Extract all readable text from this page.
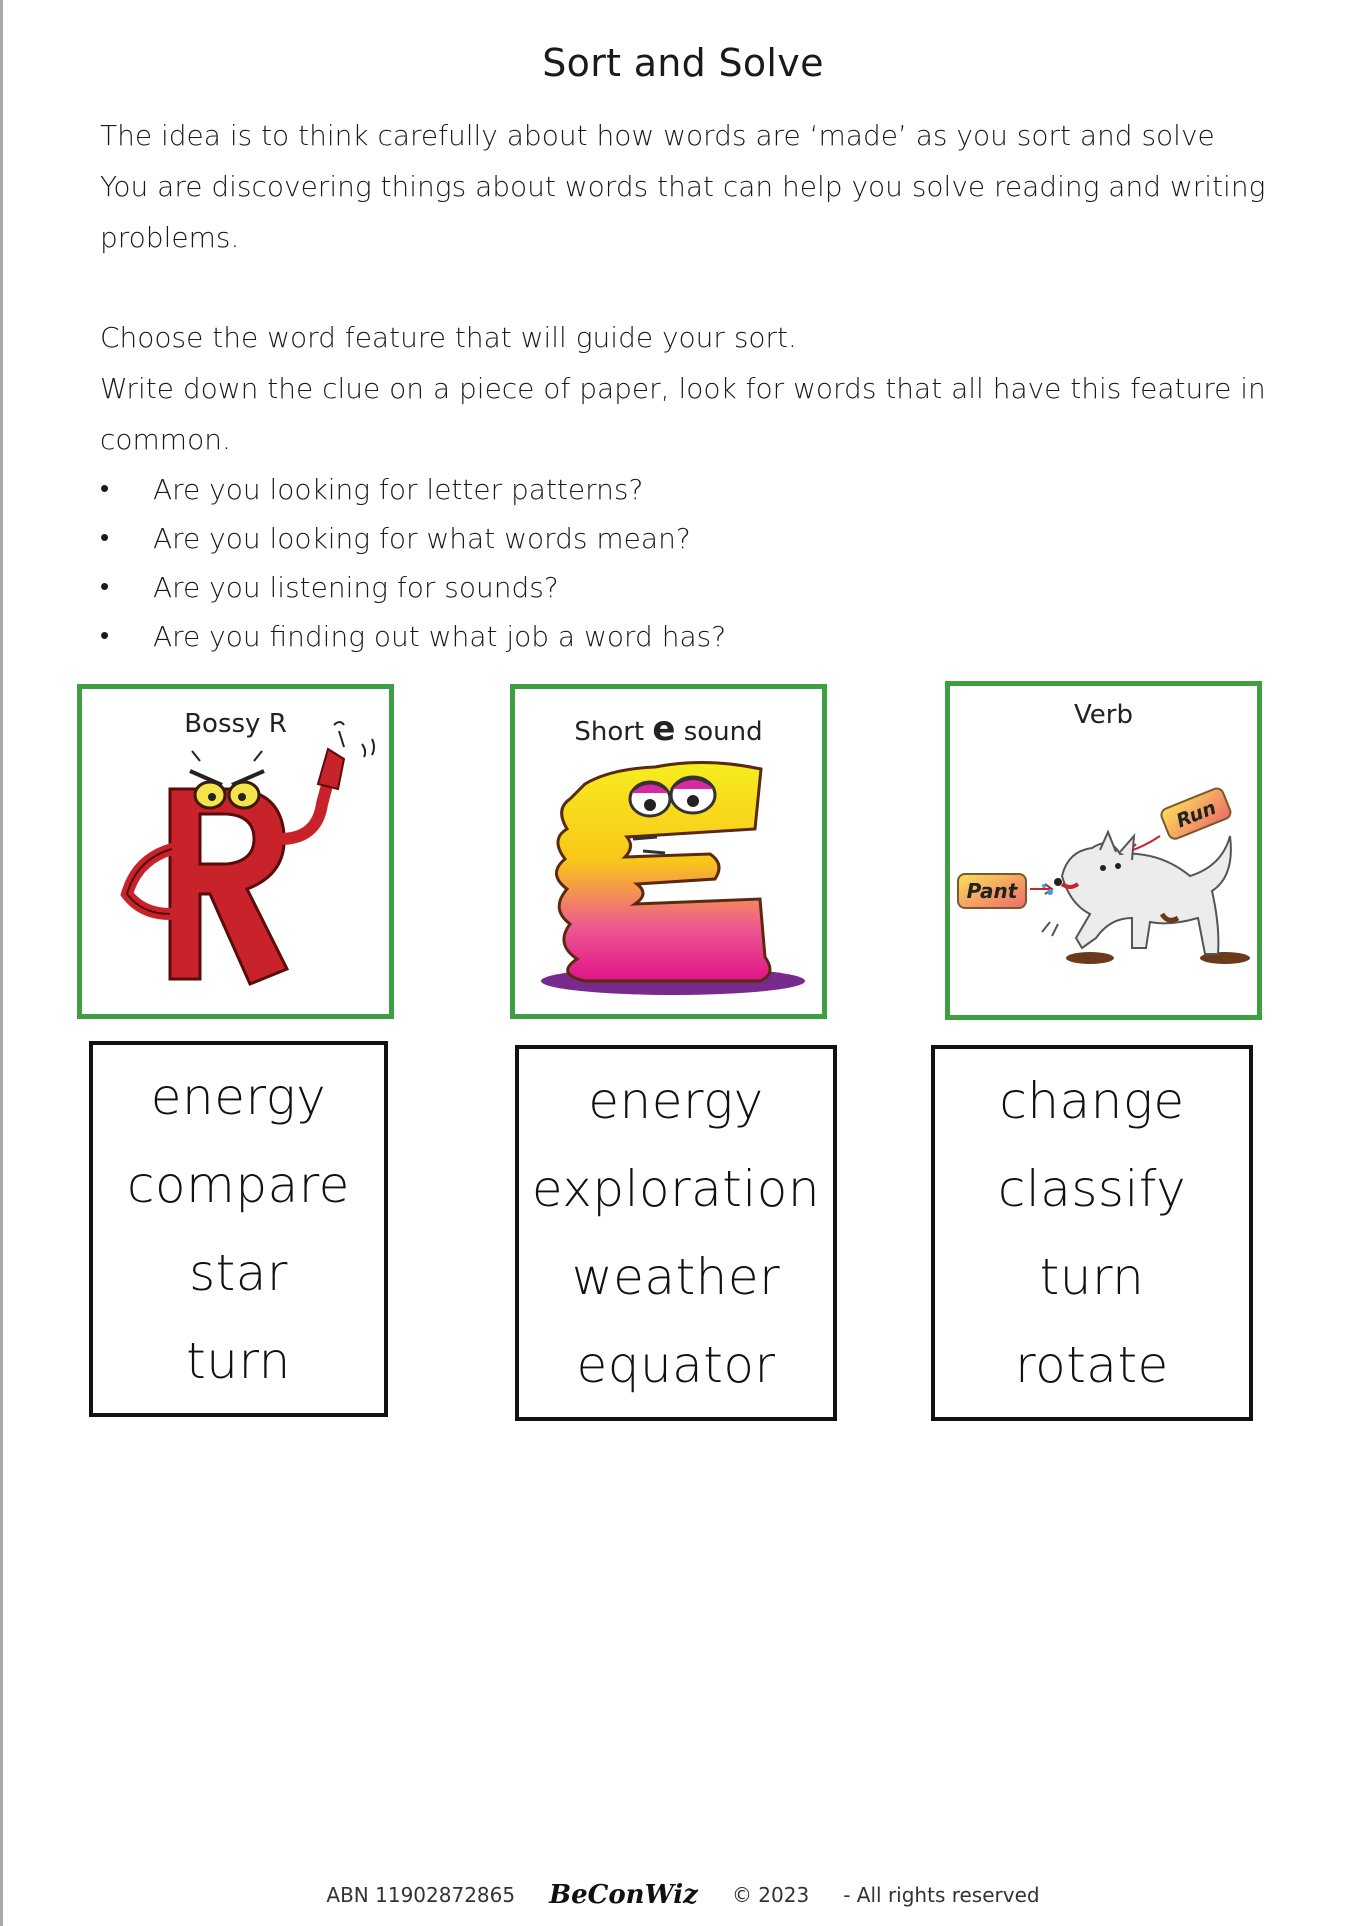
Sort and Solve

The idea is to think carefully about how words are ‘made’ as you sort and solve

You are discovering things about words that can help you solve reading and writing problems.

Choose the word feature that will guide your sort.

Write down the clue on a piece of paper, look for words that all have this feature in common.

• Are you looking for letter patterns?
• Are you looking for what words mean?
• Are you listening for sounds?
• Are you finding out what job a word has?
Bossy R	Short e sound
Verb
Pant
Run
energy
compare
star
turn
energy
exploration
weather
equator
change
classify
turn
rotate
ABN 11902872865 BeConWiz © 2023 - All rights reserved
